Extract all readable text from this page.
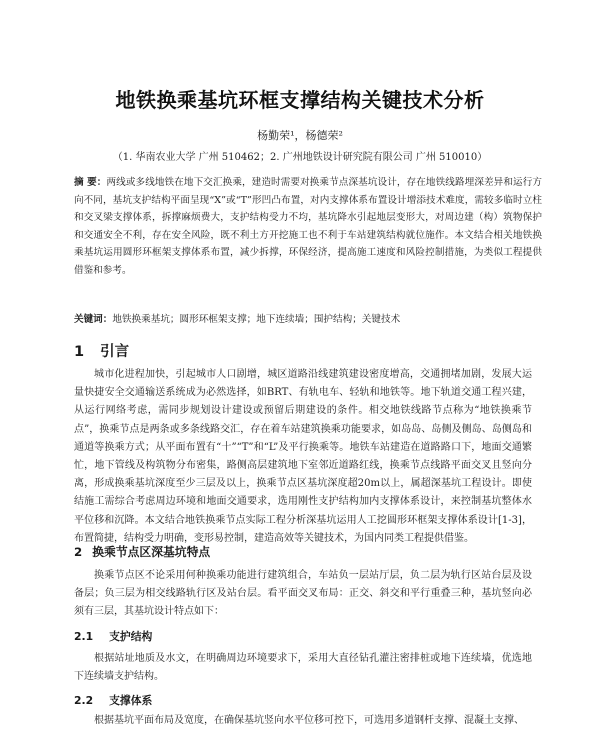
地铁换乘基坑环框支撑结构关键技术分析
杨勤荣¹，杨德荣²
（1. 华南农业大学 广州 510462；2. 广州地铁设计研究院有限公司 广州 510010）
摘 要：两线或多线地铁在地下交汇换乘，建造时需要对换乘节点深基坑设计，存在地铁线路埋深差异和运行方向不同，基坑支护结构平面呈现“X”或“T”形凹凸布置，对内支撑体系布置设计增添技术难度，需较多临时立柱和交叉梁支撑体系，拆撑麻烦费大，支护结构受力不均，基坑降水引起地层变形大，对周边建（构）筑物保护和交通安全不利，存在安全风险，既不利土方开挖施工也不利于车站建筑结构就位施作。本文结合相关地铁换乘基坑运用圆形环框架支撑体系布置，减少拆撑，环保经济，提高施工速度和风险控制措施，为类似工程提供借鉴和参考。
关键词：地铁换乘基坑；圆形环框架支撑；地下连续墙；围护结构；关键技术
1 引言
城市化进程加快，引起城市人口剧增，城区道路沿线建筑建设密度增高，交通拥堵加剧，发展大运量快捷安全交通输送系统成为必然选择，如BRT、有轨电车、轻轨和地铁等。地下轨道交通工程兴建，从运行网络考虑，需同步规划设计建设或预留后期建设的条件。相交地铁线路节点称为“地铁换乘节点”，换乘节点是两条或多条线路交汇，存在着车站建筑换乘功能要求，如岛岛、岛侧及侧岛、岛侧岛和通道等换乘方式；从平面布置有“十”“T”和“L”及平行换乘等。地铁车站建造在道路路口下，地面交通繁忙，地下管线及构筑物分布密集，路侧高层建筑地下室邻近道路红线，换乘节点线路平面交叉且竖向分离，形成换乘基坑深度至少三层及以上，换乘节点区基坑深度超20m以上，属超深基坑工程设计。即使结施工需综合考虑周边环境和地面交通要求，选用刚性支护结构加内支撑体系设计，来控制基坑整体水平位移和沉降。本文结合地铁换乘节点实际工程分析深基坑运用人工挖圆形环框架支撑体系设计[1-3]，布置简捷，结构受力明确，变形易控制，建造高效等关键技术，为国内同类工程提供借鉴。
2 换乘节点区深基坑特点
换乘节点区不论采用何种换乘功能进行建筑组合，车站负一层站厅层，负二层为轨行区站台层及设备层；负三层为相交线路轨行区及站台层。看平面交叉布局：正交、斜交和平行重叠三种，基坑竖向必须有三层，其基坑设计特点如下：
2.1 支护结构
根据站址地质及水文，在明确周边环境要求下，采用大直径钻孔灌注密排桩或地下连续墙，优选地下连续墙支护结构。
2.2 支撑体系
根据基坑平面布局及宽度，在确保基坑竖向水平位移可控下，可选用多道钢杆支撑、混凝土支撑、
